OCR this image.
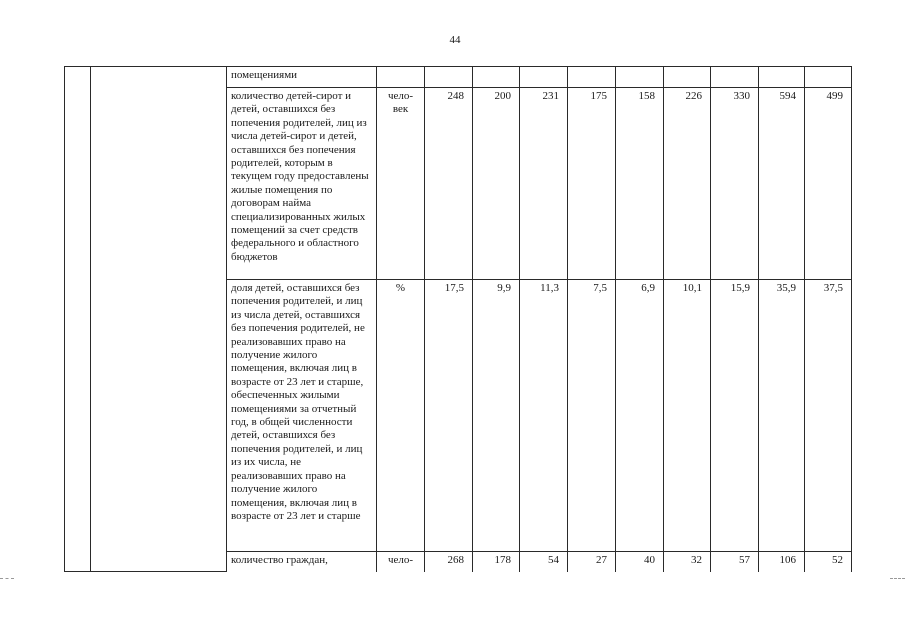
44
		помещениями										
		количество детей-сирот и детей, оставшихся без попечения родителей, лиц из числа детей-сирот и детей, оставшихся без попечения родителей, которым в текущем году предоставлены жилые помещения по договорам найма специализированных жилых помещений за счет средств федерального и областного бюджетов	чело-
век	248	200	231	175	158	226	330	594	499
		доля детей, оставшихся без попечения родителей, и лиц из числа детей, оставшихся без попечения родителей, не реализовавших право на получение жилого помещения, включая лиц в возрасте от 23 лет и старше, обеспеченных жилыми помещениями за отчетный год, в общей численности детей, оставшихся без попечения родителей, и лиц из их числа, не реализовавших право на получение жилого помещения, включая лиц в возрасте от 23 лет и старше	%	17,5	9,9	11,3	7,5	6,9	10,1	15,9	35,9	37,5
		количество граждан,	чело-	268	178	54	27	40	32	57	106	52
